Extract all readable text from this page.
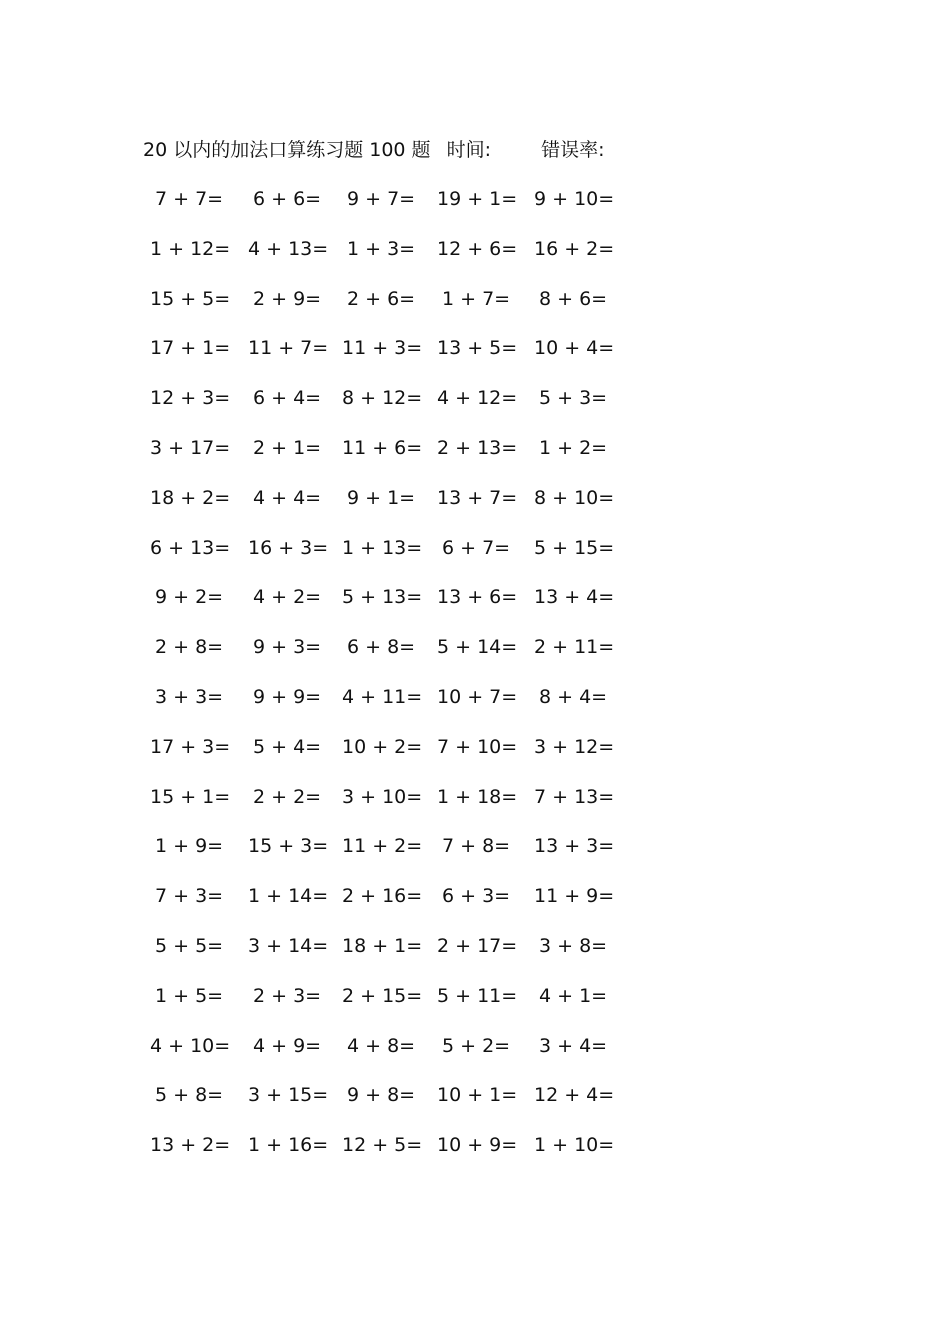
20 以内的加法口算练习题 100 题 时间:	错误率:
7 + 7= 6 + 6= 9 + 7= 19 + 1= 9 + 10=
1 + 12= 4 + 13= 1 + 3= 12 + 6= 16 + 2=
15 + 5= 2 + 9= 2 + 6= 1 + 7= 8 + 6=
17 + 1= 11 + 7= 11 + 3= 13 + 5= 10 + 4=
12 + 3= 6 + 4= 8 + 12= 4 + 12= 5 + 3=
3 + 17= 2 + 1= 11 + 6= 2 + 13= 1 + 2=
18 + 2= 4 + 4= 9 + 1= 13 + 7= 8 + 10=
6 + 13= 16 + 3= 1 + 13= 6 + 7= 5 + 15=
9 + 2= 4 + 2= 5 + 13= 13 + 6= 13 + 4=
2 + 8= 9 + 3= 6 + 8= 5 + 14= 2 + 11=
3 + 3= 9 + 9= 4 + 11= 10 + 7= 8 + 4=
17 + 3= 5 + 4= 10 + 2= 7 + 10= 3 + 12=
15 + 1= 2 + 2= 3 + 10= 1 + 18= 7 + 13=
1 + 9= 15 + 3= 11 + 2= 7 + 8= 13 + 3=
7 + 3= 1 + 14= 2 + 16= 6 + 3= 11 + 9=
5 + 5= 3 + 14= 18 + 1= 2 + 17= 3 + 8=
1 + 5= 2 + 3= 2 + 15= 5 + 11= 4 + 1=
4 + 10= 4 + 9= 4 + 8= 5 + 2= 3 + 4=
5 + 8= 3 + 15= 9 + 8= 10 + 1= 12 + 4=
13 + 2= 1 + 16= 12 + 5= 10 + 9= 1 + 10=
